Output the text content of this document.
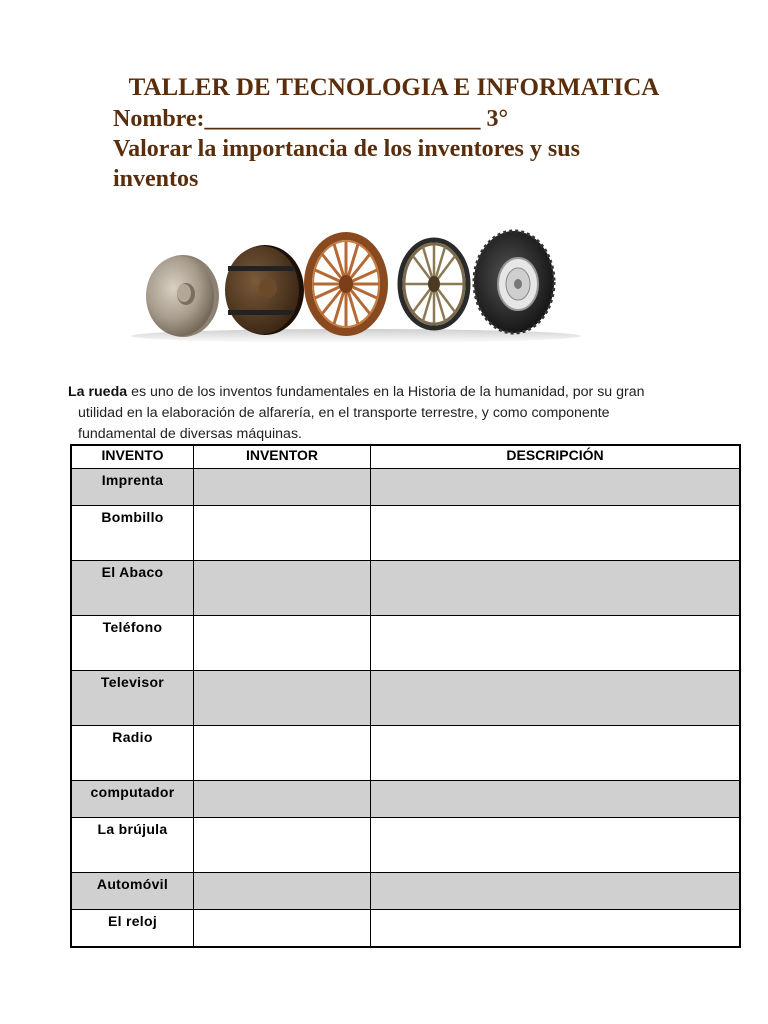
TALLER DE TECNOLOGIA E INFORMATICA
Nombre:_______________________ 3°
Valorar la importancia de los inventores y sus
inventos
La rueda es uno de los inventos fundamentales en la Historia de la humanidad, por su gran
utilidad en la elaboración de alfarería, en el transporte terrestre, y como componente
fundamental de diversas máquinas.
INVENTO	INVENTOR	DESCRIPCIÓN
Imprenta		
Bombillo		
El Abaco		
Teléfono		
Televisor		
Radio		
computador		
La brújula		
Automóvil		
El reloj		
